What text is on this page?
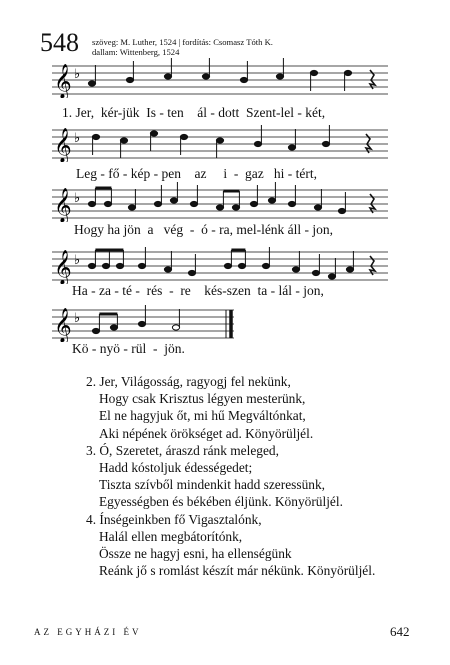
548 szöveg: M. Luther, 1524 | fordítás: Csomasz Tóth K.
dallam: Wittenberg, 1524
𝄞 ♭
1. Jer,  kér-jük  Is - ten    ál - dott  Szent-lel - két,
𝄞 ♭
Leg - fő - kép - pen    az     i  -  gaz   hi - tért,
𝄞 ♭
Hogy ha jön  a   vég  -  ó - ra, mel-lénk áll - jon,
𝄞 ♭
Ha - za - té -  rés  -  re    kés-szen  ta - lál - jon,
𝄞 ♭
Kö - nyö - rül  -  jön.
2. Jer, Világosság, ragyogj fel nekünk,
Hogy csak Krisztus légyen mesterünk,
El ne hagyjuk őt, mi hű Megváltónkat,
Aki népének örökséget ad. Könyörüljél.
3. Ó, Szeretet, áraszd ránk meleged,
Hadd kóstoljuk édességedet;
Tiszta szívből mindenkit hadd szeressünk,
Egyességben és békében éljünk. Könyörüljél.
4. Ínségeinkben fő Vigasztalónk,
Halál ellen megbátorítónk,
Össze ne hagyj esni, ha ellenségünk
Reánk jő s romlást készít már nékünk. Könyörüljél.
AZ EGYHÁZI ÉV	642
